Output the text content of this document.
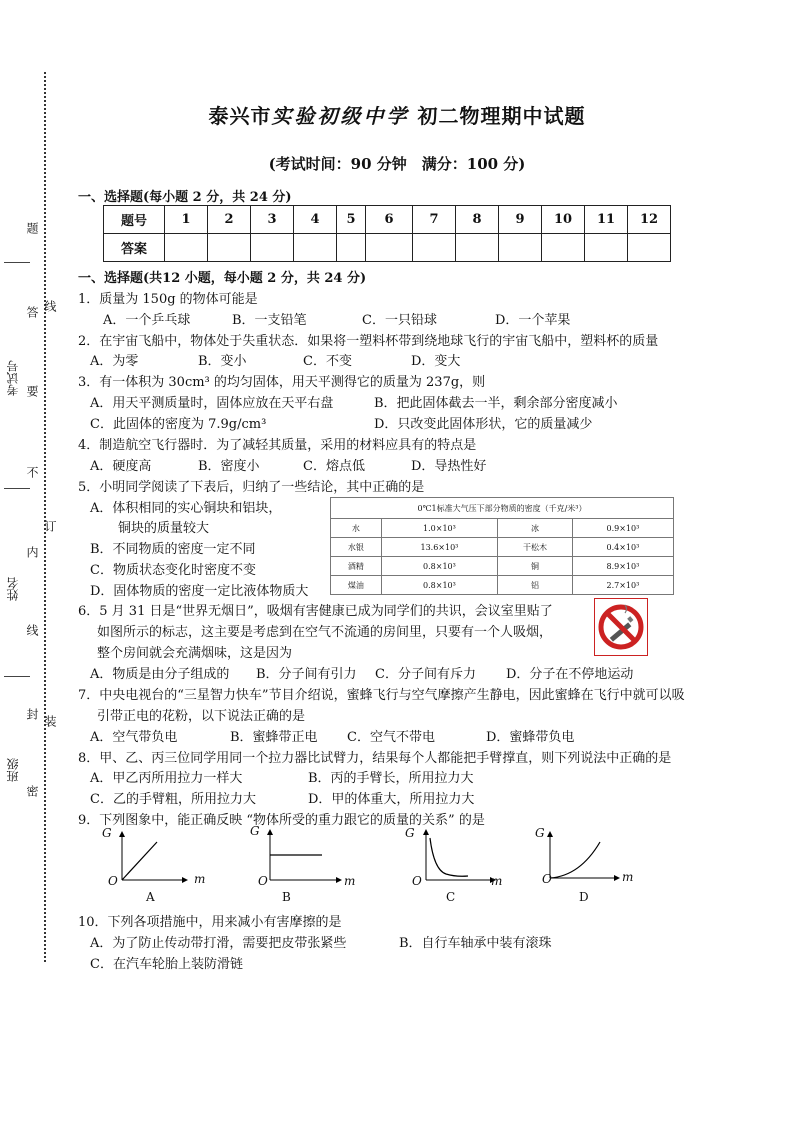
题
答 线
要
不
订
内
线
封
装
密
考试号
姓名
班级
泰兴市实验初级中学 初二物理期中试题
(考试时间：90 分钟　满分：100 分)
一、选择题(每小题 2 分，共 24 分)
题号	1	2	3	4	5	6	7	8	9	10	11	12
答案												
一、选择题(共12 小题，每小题 2 分，共 24 分)
1．质量为 150g 的物体可能是
A．一个乒乓球	B．一支铅笔	C．一只铅球	D．一个苹果
2．在宇宙飞船中，物体处于失重状态．如果将一塑料杯带到绕地球飞行的宇宙飞船中，塑料杯的质量
A．为零	B．变小	C．不变	D．变大
3．有一体积为 30cm³ 的均匀固体，用天平测得它的质量为 237g，则
A．用天平测质量时，固体应放在天平右盘	B．把此固体截去一半，剩余部分密度减小
C．此固体的密度为 7.9g/cm³	D．只改变此固体形状，它的质量减少
4．制造航空飞行器时．为了减轻其质量，采用的材料应具有的特点是
A．硬度高	B．密度小	C．熔点低	D．导热性好
5．小明同学阅读了下表后，归纳了一些结论，其中正确的是
A．体积相同的实心铜块和铝块，
铜块的质量较大
B．不同物质的密度一定不同
C．物质状态变化时密度不变
D．固体物质的密度一定比液体物质大
0℃1标准大气压下部分物质的密度（千克/米³）			
水	1.0×10³	冰	0.9×10³
水银	13.6×10³	干松木	0.4×10³
酒精	0.8×10³	铜	8.9×10³
煤油	0.8×10³	铝	2.7×10³
6．5 月 31 日是“世界无烟日”，吸烟有害健康已成为同学们的共识，会议室里贴了
如图所示的标志，这主要是考虑到在空气不流通的房间里，只要有一个人吸烟，
整个房间就会充满烟味，这是因为
A．物质是由分子组成的 B．分子间有引力 C．分子间有斥力 D．分子在不停地运动
7．中央电视台的“三星智力快车”节目介绍说，蜜蜂飞行与空气摩擦产生静电，因此蜜蜂在飞行中就可以吸
引带正电的花粉，以下说法正确的是
A．空气带负电	B．蜜蜂带正电 C．空气不带电	D．蜜蜂带负电
8．甲、乙、丙三位同学用同一个拉力器比试臂力，结果每个人都能把手臂撑直，则下列说法中正确的是
A．甲乙丙所用拉力一样大	B．丙的手臂长，所用拉力大
C．乙的手臂粗，所用拉力大	D．甲的体重大，所用拉力大
9．下列图象中，能正确反映 “物体所受的重力跟它的质量的关系” 的是
G
O	m
A
G
O	m
B
G
O	m
C
G
O	m
D
10．下列各项措施中，用来减小有害摩擦的是
A．为了防止传动带打滑，需要把皮带张紧些	B．自行车轴承中装有滚珠
C．在汽车轮胎上装防滑链
